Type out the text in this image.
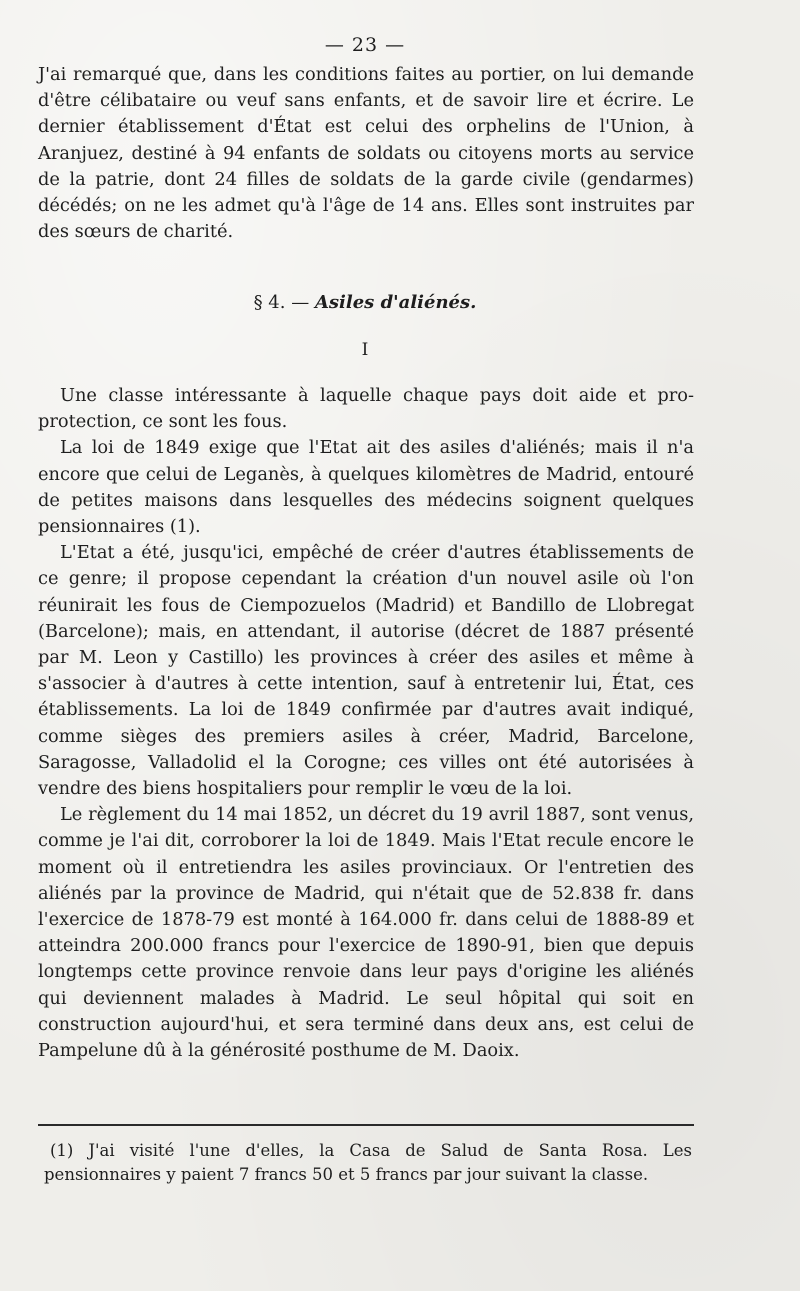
— 23 —

J'ai remarqué que, dans les conditions faites au portier, on lui demande d'être célibataire ou veuf sans enfants, et de savoir lire et écrire. Le dernier établissement d'État est celui des orphelins de l'Union, à Aranjuez, destiné à 94 enfants de soldats ou citoyens morts au service de la patrie, dont 24 filles de soldats de la garde civile (gendarmes) décédés; on ne les admet qu'à l'âge de 14 ans. Elles sont instruites par des sœurs de charité.

§ 4. — Asiles d'aliénés.
I

Une classe intéressante à laquelle chaque pays doit aide et pro- protection, ce sont les fous.

La loi de 1849 exige que l'Etat ait des asiles d'aliénés; mais il n'a encore que celui de Leganès, à quelques kilomètres de Madrid, entouré de petites maisons dans lesquelles des médecins soignent quelques pensionnaires (1).

L'Etat a été, jusqu'ici, empêché de créer d'autres établissements de ce genre; il propose cependant la création d'un nouvel asile où l'on réunirait les fous de Ciempozuelos (Madrid) et Bandillo de Llobregat (Barcelone); mais, en attendant, il autorise (décret de 1887 présenté par M. Leon y Castillo) les provinces à créer des asiles et même à s'associer à d'autres à cette intention, sauf à entretenir lui, État, ces établissements. La loi de 1849 confirmée par d'autres avait indiqué, comme sièges des premiers asiles à créer, Madrid, Barcelone, Saragosse, Valladolid el la Corogne; ces villes ont été autorisées à vendre des biens hospitaliers pour remplir le vœu de la loi.

Le règlement du 14 mai 1852, un décret du 19 avril 1887, sont venus, comme je l'ai dit, corroborer la loi de 1849. Mais l'Etat recule encore le moment où il entretiendra les asiles provinciaux. Or l'entretien des aliénés par la province de Madrid, qui n'était que de 52.838 fr. dans l'exercice de 1878-79 est monté à 164.000 fr. dans celui de 1888-89 et atteindra 200.000 francs pour l'exercice de 1890-91, bien que depuis longtemps cette province renvoie dans leur pays d'origine les aliénés qui deviennent malades à Madrid. Le seul hôpital qui soit en construction aujourd'hui, et sera terminé dans deux ans, est celui de Pampelune dû à la générosité posthume de M. Daoix.

(1) J'ai visité l'une d'elles, la Casa de Salud de Santa Rosa. Les pensionnaires y paient 7 francs 50 et 5 francs par jour suivant la classe.
